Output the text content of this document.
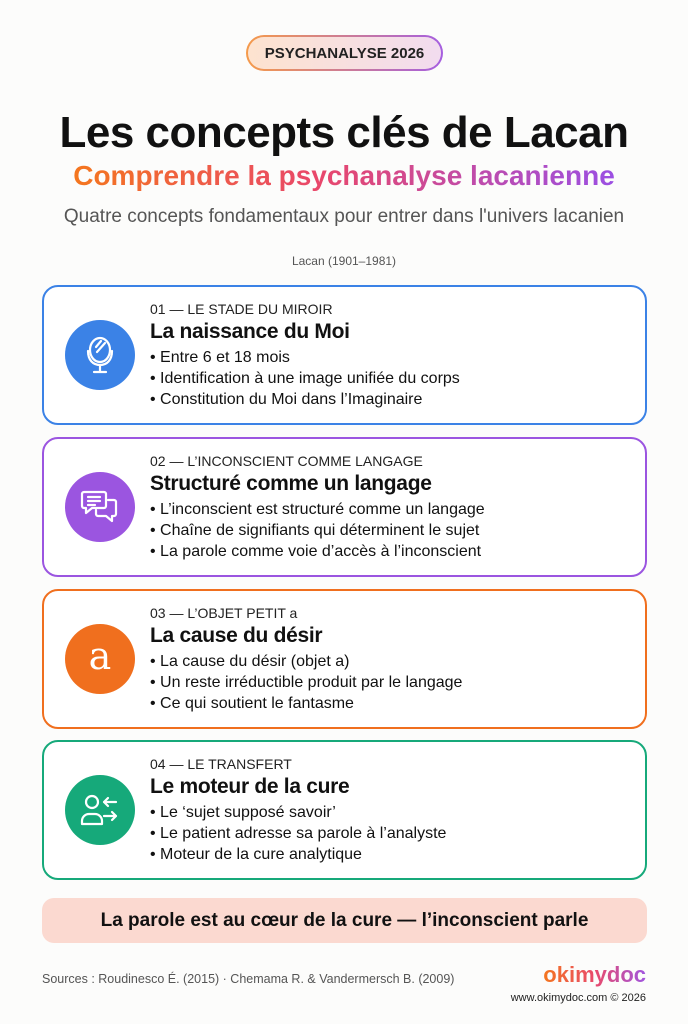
PSYCHANALYSE 2026
Les concepts clés de Lacan
Comprendre la psychanalyse lacanienne
Quatre concepts fondamentaux pour entrer dans l'univers lacanien
Lacan (1901–1981)
01 — LE STADE DU MIROIR
La naissance du Moi
• Entre 6 et 18 mois
• Identification à une image unifiée du corps
• Constitution du Moi dans l’Imaginaire
02 — L’INCONSCIENT COMME LANGAGE
Structuré comme un langage
• L’inconscient est structuré comme un langage
• Chaîne de signifiants qui déterminent le sujet
• La parole comme voie d’accès à l’inconscient
a
03 — L’OBJET PETIT a
La cause du désir
• La cause du désir (objet a)
• Un reste irréductible produit par le langage
• Ce qui soutient le fantasme
04 — LE TRANSFERT
Le moteur de la cure
• Le ‘sujet supposé savoir’
• Le patient adresse sa parole à l’analyste
• Moteur de la cure analytique
La parole est au cœur de la cure — l’inconscient parle
Sources : Roudinesco É. (2015) · Chemama R. & Vandermersch B. (2009)	okimydoc
www.okimydoc.com © 2026
